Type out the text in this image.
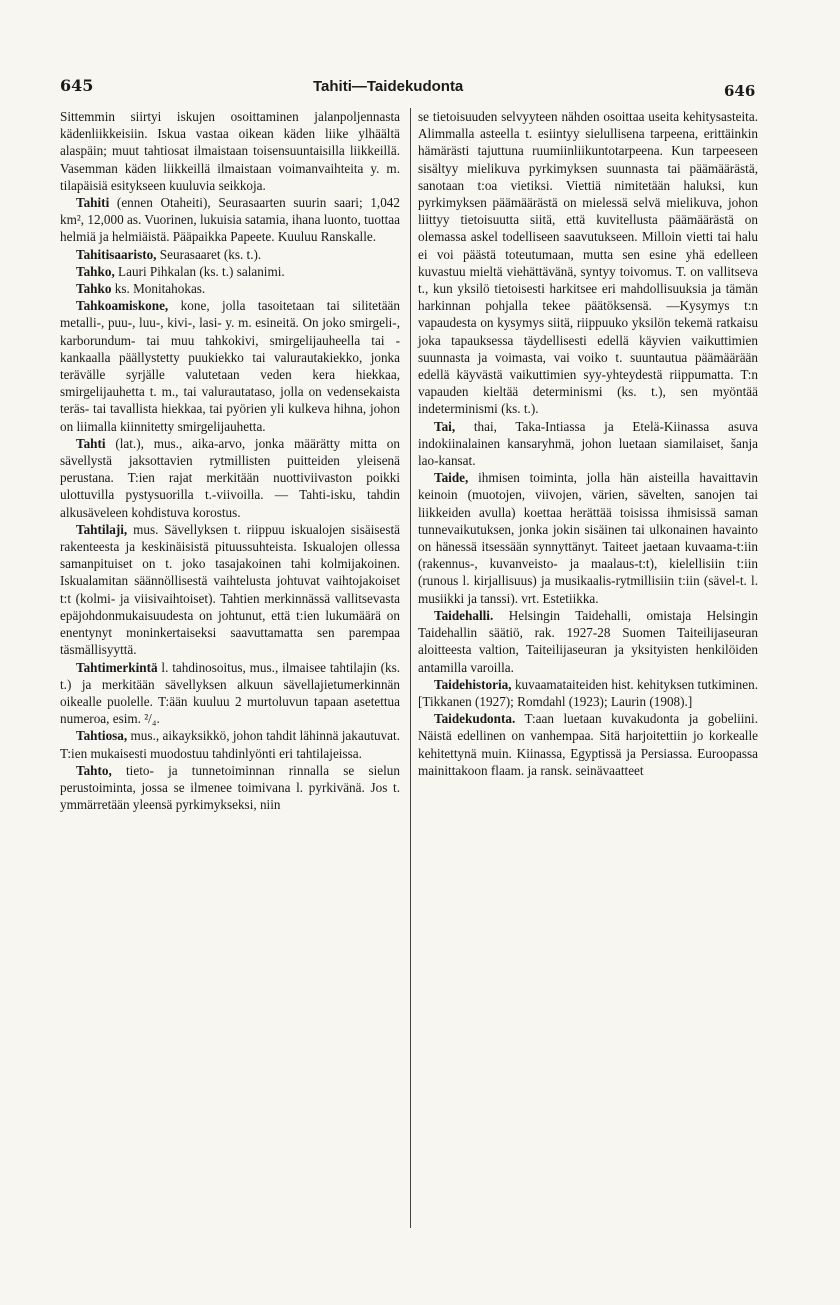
645	Tahiti—Taidekudonta	646

Sittemmin siirtyi iskujen osoittaminen jalanpoljennasta kädenliikkeisiin. Iskua vastaa oikean käden liike ylhäältä alaspäin; muut tahtiosat ilmaistaan toisensuuntaisilla liikkeillä. Vasemman käden liikkeillä ilmaistaan voimanvaihteita y. m. tilapäisiä esitykseen kuuluvia seikkoja.

Tahiti (ennen Otaheiti), Seurasaarten suurin saari; 1,042 km², 12,000 as. Vuorinen, lukuisia satamia, ihana luonto, tuottaa helmiä ja helmiäistä. Pääpaikka Papeete. Kuuluu Ranskalle.

Tahitisaaristo, Seurasaaret (ks. t.).

Tahko, Lauri Pihkalan (ks. t.) salanimi.

Tahko ks. Monitahokas.

Tahkoamiskone, kone, jolla tasoitetaan tai silitetään metalli-, puu-, luu-, kivi-, lasi- y. m. esineitä. On joko smirgeli-, karborundum- tai muu tahkokivi, smirgelijauheella tai -kankaalla päällystetty puukiekko tai valurautakiekko, jonka terävälle syrjälle valutetaan veden kera hiekkaa, smirgelijauhetta t. m., tai valurautataso, jolla on vedensekaista teräs- tai tavallista hiekkaa, tai pyörien yli kulkeva hihna, johon on liimalla kiinnitetty smirgelijauhetta.

Tahti (lat.), mus., aika-arvo, jonka määrätty mitta on sävellystä jaksottavien rytmillisten puitteiden yleisenä perustana. T:ien rajat merkitään nuottiviivaston poikki ulottuvilla pystysuorilla t.-viivoilla. — Tahti-isku, tahdin alkusäveleen kohdistuva korostus.

Tahtilaji, mus. Sävellyksen t. riippuu iskualojen sisäisestä rakenteesta ja keskinäisistä pituussuhteista. Iskualojen ollessa samanpituiset on t. joko tasajakoinen tahi kolmijakoinen. Iskualamitan säännöllisestä vaihtelusta johtuvat vaihtojakoiset t:t (kolmi- ja viisivaihtoiset). Tahtien merkinnässä vallitsevasta epäjohdonmukaisuudesta on johtunut, että t:ien lukumäärä on enentynyt moninkertaiseksi saavuttamatta sen parempaa täsmällisyyttä.

Tahtimerkintä l. tahdinosoitus, mus., ilmaisee tahtilajin (ks. t.) ja merkitään sävellyksen alkuun sävellajietumerkinnän oikealle puolelle. T:ään kuuluu 2 murtoluvun tapaan asetettua numeroa, esim. ²/₄.

Tahtiosa, mus., aikayksikkö, johon tahdit lähinnä jakautuvat. T:ien mukaisesti muodostuu tahdinlyönti eri tahtilajeissa.

Tahto, tieto- ja tunnetoiminnan rinnalla se sielun perustoiminta, jossa se ilmenee toimivana l. pyrkivänä. Jos t. ymmärretään yleensä pyrkimykseksi, niin

se tietoisuuden selvyyteen nähden osoittaa useita kehitysasteita. Alimmalla asteella t. esiintyy sielullisena tarpeena, erittäinkin hämärästi tajuttuna ruumiinliikuntotarpeena. Kun tarpeeseen sisältyy mielikuva pyrkimyksen suunnasta tai päämäärästä, sanotaan t:oa vietiksi. Viettiä nimitetään haluksi, kun pyrkimyksen päämäärästä on mielessä selvä mielikuva, johon liittyy tietoisuutta siitä, että kuvitellusta päämäärästä on olemassa askel todelliseen saavutukseen. Milloin vietti tai halu ei voi päästä toteutumaan, mutta sen esine yhä edelleen kuvastuu mieltä viehättävänä, syntyy toivomus. T. on vallitseva t., kun yksilö tietoisesti harkitsee eri mahdollisuuksia ja tämän harkinnan pohjalla tekee päätöksensä. —Kysymys t:n vapaudesta on kysymys siitä, riippuuko yksilön tekemä ratkaisu joka tapauksessa täydellisesti edellä käyvien vaikuttimien suunnasta ja voimasta, vai voiko t. suuntautua päämäärään edellä käyvästä vaikuttimien syy-yhteydestä riippumatta. T:n vapauden kieltää determinismi (ks. t.), sen myöntää indeterminismi (ks. t.).

Tai, thai, Taka-Intiassa ja Etelä-Kiinassa asuva indokiinalainen kansaryhmä, johon luetaan siamilaiset, šanja lao-kansat.

Taide, ihmisen toiminta, jolla hän aisteilla havaittavin keinoin (muotojen, viivojen, värien, sävelten, sanojen tai liikkeiden avulla) koettaa herättää toisissa ihmisissä saman tunnevaikutuksen, jonka jokin sisäinen tai ulkonainen havainto on hänessä itsessään synnyttänyt. Taiteet jaetaan kuvaama-t:iin (rakennus-, kuvanveisto- ja maalaus-t:t), kielellisiin t:iin (runous l. kirjallisuus) ja musikaalis-rytmillisiin t:iin (sävel-t. l. musiikki ja tanssi). vrt. Estetiikka.

Taidehalli. Helsingin Taidehalli, omistaja Helsingin Taidehallin säätiö, rak. 1927-28 Suomen Taiteilijaseuran aloitteesta valtion, Taiteilijaseuran ja yksityisten henkilöiden antamilla varoilla.

Taidehistoria, kuvaamataiteiden hist. kehityksen tutkiminen. [Tikkanen (1927); Romdahl (1923); Laurin (1908).]

Taidekudonta. T:aan luetaan kuvakudonta ja gobeliini. Näistä edellinen on vanhempaa. Sitä harjoitettiin jo korkealle kehitettynä muin. Kiinassa, Egyptissä ja Persiassa. Euroopassa mainittakoon flaam. ja ransk. seinävaatteet
